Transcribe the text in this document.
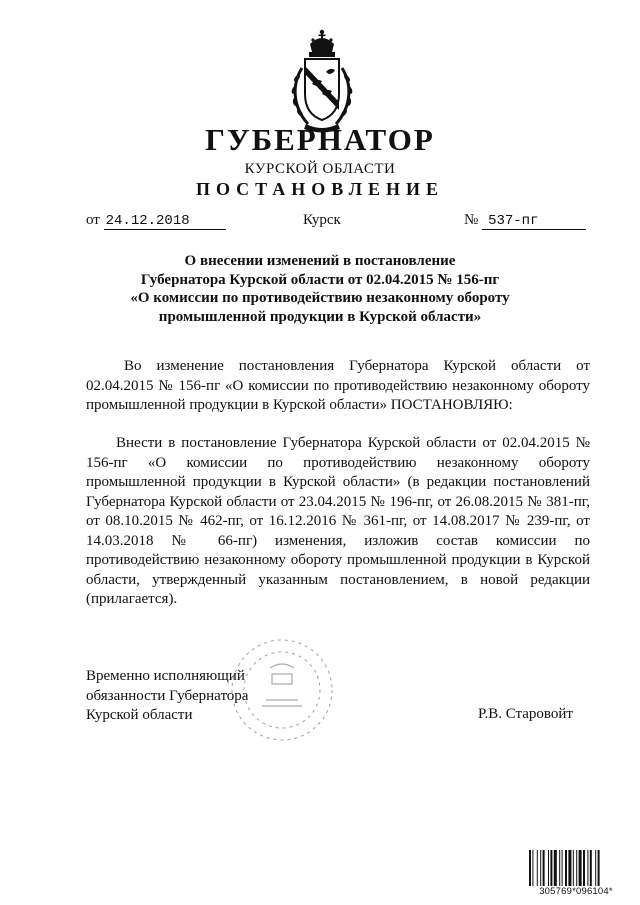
ГУБЕРНАТОР
КУРСКОЙ ОБЛАСТИ
ПОСТАНОВЛЕНИЕ
от 24.12.2018	Курск	№ 537-пг
О внесении изменений в постановление
Губернатора Курской области от 02.04.2015 № 156-пг
«О комиссии по противодействию незаконному обороту
промышленной продукции в Курской области»
Во изменение постановления Губернатора Курской области от 02.04.2015 № 156-пг «О комиссии по противодействию незаконному обороту промышленной продукции в Курской области» ПОСТАНОВЛЯЮ:
Внести в постановление Губернатора Курской области от 02.04.2015 № 156-пг «О комиссии по противодействию незаконному обороту промышленной продукции в Курской области» (в редакции постановлений Губернатора Курской области от 23.04.2015 № 196-пг, от 26.08.2015 № 381-пг, от 08.10.2015 № 462-пг, от 16.12.2016 № 361-пг, от 14.08.2017 № 239-пг, от 14.03.2018 № 66-пг) изменения, изложив состав комиссии по противодействию незаконному обороту промышленной продукции в Курской области, утвержденный указанным постановлением, в новой редакции (прилагается).
Временно исполняющий
обязанности Губернатора
Курской области	Р.В. Старовойт
305769*096104*
